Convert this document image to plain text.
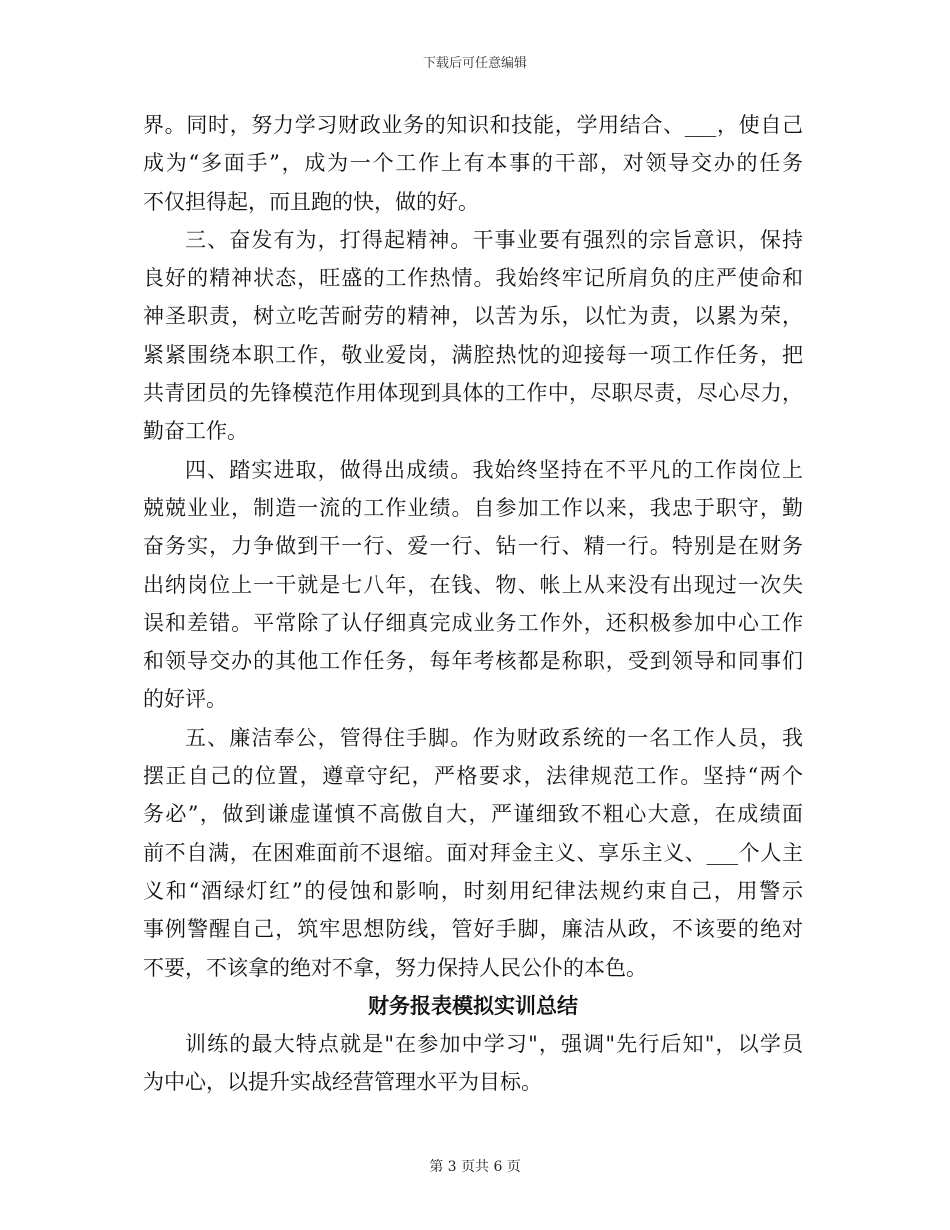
下载后可任意编辑
界。同时，努力学习财政业务的知识和技能，学用结合、___，使自己
成为“多面手”，成为一个工作上有本事的干部，对领导交办的任务
不仅担得起，而且跑的快，做的好。
三、奋发有为，打得起精神。干事业要有强烈的宗旨意识，保持
良好的精神状态，旺盛的工作热情。我始终牢记所肩负的庄严使命和
神圣职责，树立吃苦耐劳的精神，以苦为乐，以忙为责，以累为荣，
紧紧围绕本职工作，敬业爱岗，满腔热忱的迎接每一项工作任务，把
共青团员的先锋模范作用体现到具体的工作中，尽职尽责，尽心尽力，
勤奋工作。
四、踏实进取，做得出成绩。我始终坚持在不平凡的工作岗位上
兢兢业业，制造一流的工作业绩。自参加工作以来，我忠于职守，勤
奋务实，力争做到干一行、爱一行、钻一行、精一行。特别是在财务
出纳岗位上一干就是七八年，在钱、物、帐上从来没有出现过一次失
误和差错。平常除了认仔细真完成业务工作外，还积极参加中心工作
和领导交办的其他工作任务，每年考核都是称职，受到领导和同事们
的好评。
五、廉洁奉公，管得住手脚。作为财政系统的一名工作人员，我
摆正自己的位置，遵章守纪，严格要求，法律规范工作。坚持“两个
务必”，做到谦虚谨慎不高傲自大，严谨细致不粗心大意，在成绩面
前不自满，在困难面前不退缩。面对拜金主义、享乐主义、___个人主
义和“酒绿灯红”的侵蚀和影响，时刻用纪律法规约束自己，用警示
事例警醒自己，筑牢思想防线，管好手脚，廉洁从政，不该要的绝对
不要，不该拿的绝对不拿，努力保持人民公仆的本色。
财务报表模拟实训总结
训练的最大特点就是"在参加中学习"，强调"先行后知"，以学员
为中心，以提升实战经营管理水平为目标。
第 3 页共 6 页
